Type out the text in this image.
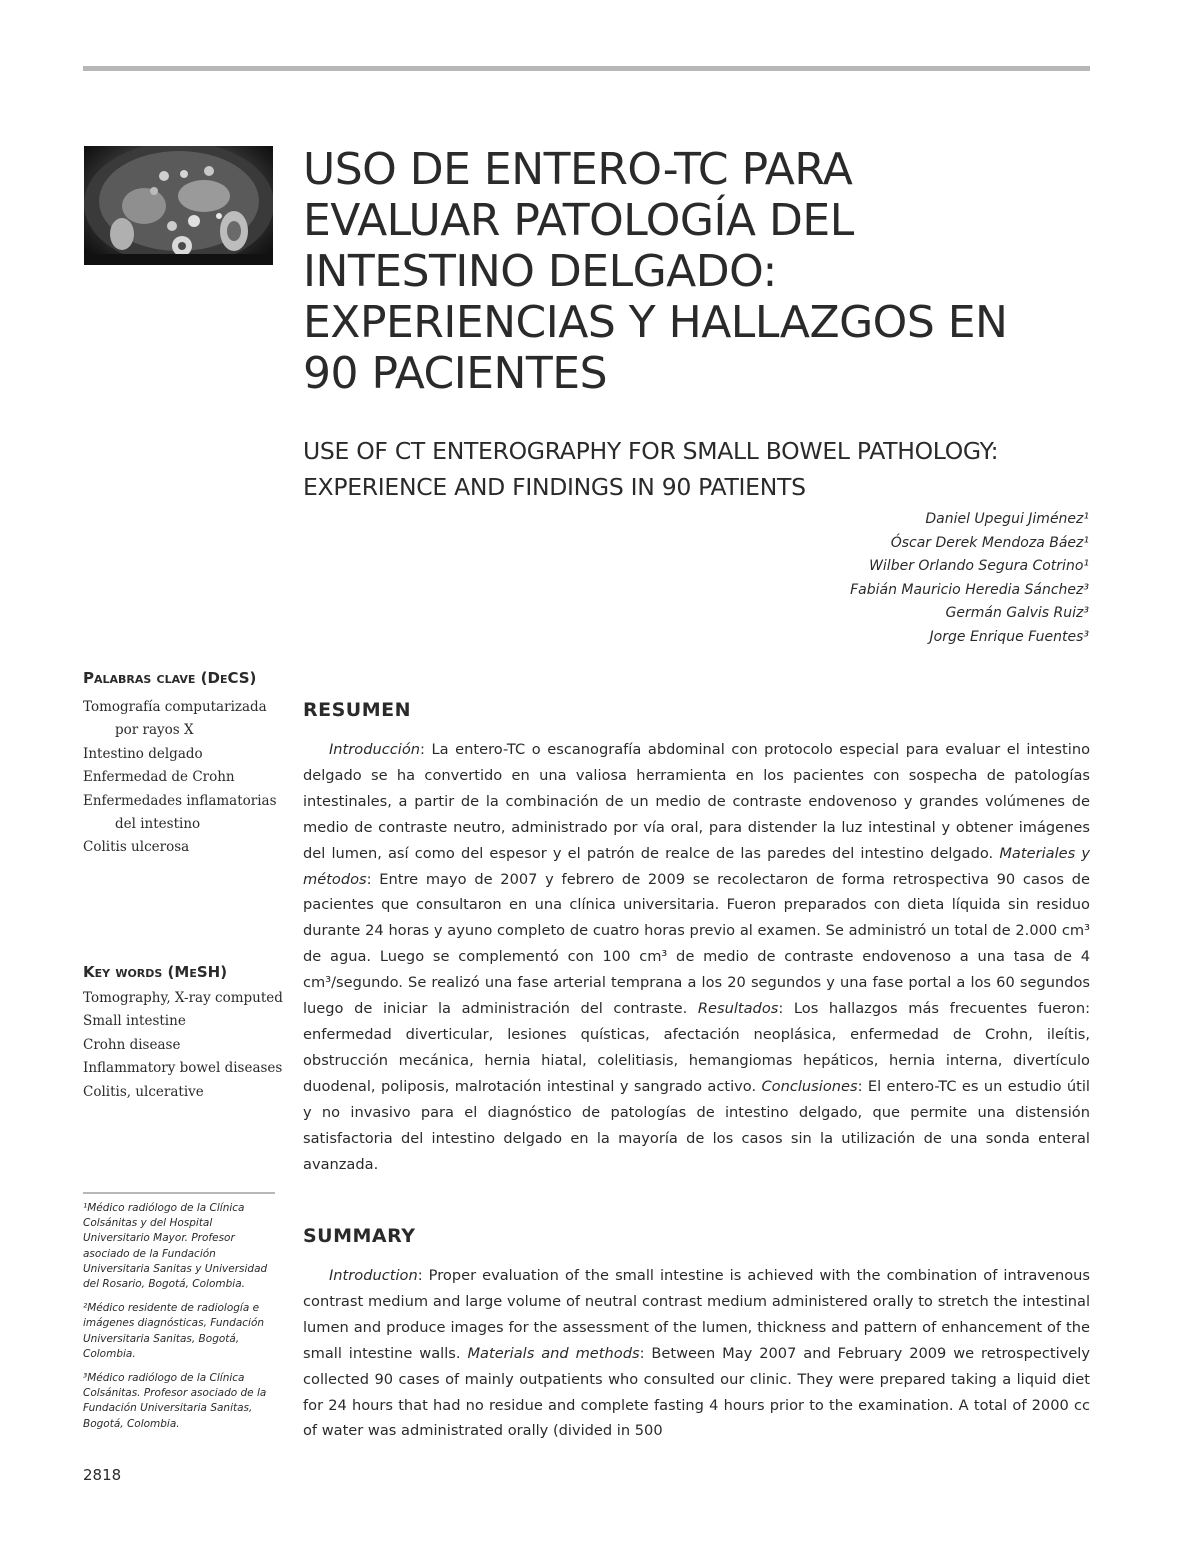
USO DE ENTERO-TC PARA
EVALUAR PATOLOGÍA DEL
INTESTINO DELGADO:
EXPERIENCIAS Y HALLAZGOS EN
90 PACIENTES
USE OF CT ENTEROGRAPHY FOR SMALL BOWEL PATHOLOGY: EXPERIENCE AND FINDINGS IN 90 PATIENTS
Daniel Upegui Jiménez¹
Óscar Derek Mendoza Báez¹
Wilber Orlando Segura Cotrino¹
Fabián Mauricio Heredia Sánchez³
Germán Galvis Ruiz³
Jorge Enrique Fuentes³
Palabras clave (DeCS)
Tomografía computarizada por rayos X
Intestino delgado
Enfermedad de Crohn
Enfermedades inflamatorias del intestino
Colitis ulcerosa
Key words (MeSH)
Tomography, X-ray computed
Small intestine
Crohn disease
Inflammatory bowel diseases
Colitis, ulcerative

¹Médico radiólogo de la Clínica Colsánitas y del Hospital Universitario Mayor. Profesor asociado de la Fundación Universitaria Sanitas y Universidad del Rosario, Bogotá, Colombia.

²Médico residente de radiología e imágenes diagnósticas, Fundación Universitaria Sanitas, Bogotá, Colombia.

³Médico radiólogo de la Clínica Colsánitas. Profesor asociado de la Fundación Universitaria Sanitas, Bogotá, Colombia.

RESUMEN

Introducción: La entero-TC o escanografía abdominal con protocolo especial para evaluar el intestino delgado se ha convertido en una valiosa herramienta en los pacientes con sospecha de patologías intestinales, a partir de la combinación de un medio de contraste endovenoso y grandes volúmenes de medio de contraste neutro, administrado por vía oral, para distender la luz intestinal y obtener imágenes del lumen, así como del espesor y el patrón de realce de las paredes del intestino delgado. Materiales y métodos: Entre mayo de 2007 y febrero de 2009 se recolectaron de forma retrospectiva 90 casos de pacientes que consultaron en una clínica universitaria. Fueron preparados con dieta líquida sin residuo durante 24 horas y ayuno completo de cuatro horas previo al examen. Se administró un total de 2.000 cm³ de agua. Luego se complementó con 100 cm³ de medio de contraste endovenoso a una tasa de 4 cm³/segundo. Se realizó una fase arterial temprana a los 20 segundos y una fase portal a los 60 segundos luego de iniciar la administración del contraste. Resultados: Los hallazgos más frecuentes fueron: enfermedad diverticular, lesiones quísticas, afectación neoplásica, enfermedad de Crohn, ileítis, obstrucción mecánica, hernia hiatal, colelitiasis, hemangiomas hepáticos, hernia interna, divertículo duodenal, poliposis, malrotación intestinal y sangrado activo. Conclusiones: El entero-TC es un estudio útil y no invasivo para el diagnóstico de patologías de intestino delgado, que permite una distensión satisfactoria del intestino delgado en la mayoría de los casos sin la utilización de una sonda enteral avanzada.

SUMMARY

Introduction: Proper evaluation of the small intestine is achieved with the combination of intravenous contrast medium and large volume of neutral contrast medium administered orally to stretch the intestinal lumen and produce images for the assessment of the lumen, thickness and pattern of enhancement of the small intestine walls. Materials and methods: Between May 2007 and February 2009 we retrospectively collected 90 cases of mainly outpatients who consulted our clinic. They were prepared taking a liquid diet for 24 hours that had no residue and complete fasting 4 hours prior to the examination. A total of 2000 cc of water was administrated orally (divided in 500

2818
